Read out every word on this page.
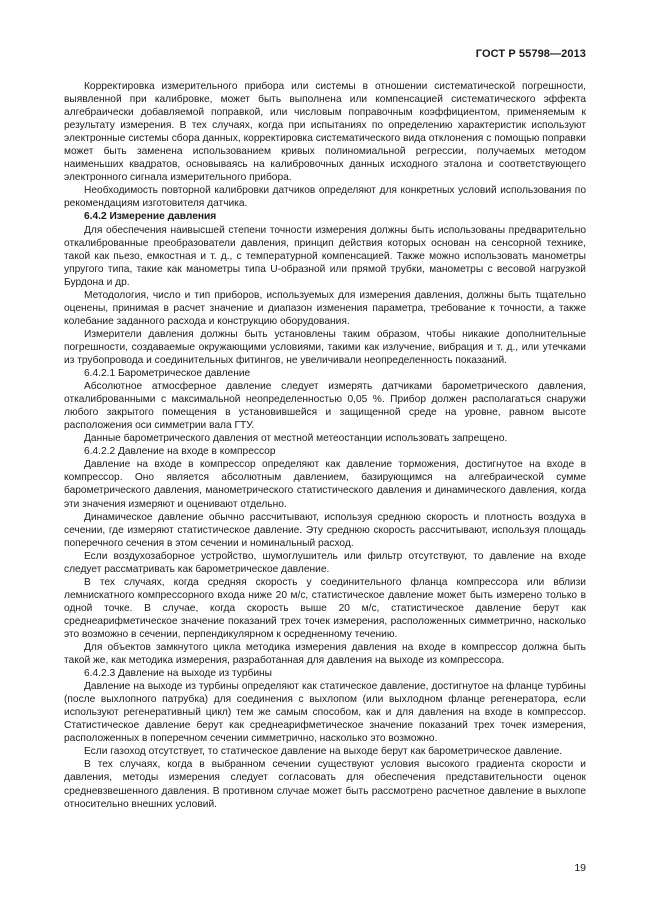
ГОСТ Р 55798—2013

Корректировка измерительного прибора или системы в отношении систематической погрешности, выявленной при калибровке, может быть выполнена или компенсацией систематического эффекта алгебраически добавляемой поправкой, или числовым поправочным коэффициентом, применяемым к результату измерения. В тех случаях, когда при испытаниях по определению характеристик используют электронные системы сбора данных, корректировка систематического вида отклонения с помощью поправки может быть заменена использованием кривых полиномиальной регрессии, получаемых методом наименьших квадратов, основываясь на калибровочных данных исходного эталона и соответствующего электронного сигнала измерительного прибора.

Необходимость повторной калибровки датчиков определяют для конкретных условий использования по рекомендациям изготовителя датчика.

6.4.2 Измерение давления

Для обеспечения наивысшей степени точности измерения должны быть использованы предварительно откалиброванные преобразователи давления, принцип действия которых основан на сенсорной технике, такой как пьезо, емкостная и т. д., с температурной компенсацией. Также можно использовать манометры упругого типа, такие как манометры типа U-образной или прямой трубки, манометры с весовой нагрузкой Бурдона и др.

Методология, число и тип приборов, используемых для измерения давления, должны быть тщательно оценены, принимая в расчет значение и диапазон изменения параметра, требование к точности, а также колебание заданного расхода и конструкцию оборудования.

Измерители давления должны быть установлены таким образом, чтобы никакие дополнительные погрешности, создаваемые окружающими условиями, такими как излучение, вибрация и т. д., или утечками из трубопровода и соединительных фитингов, не увеличивали неопределенность показаний.

6.4.2.1 Барометрическое давление

Абсолютное атмосферное давление следует измерять датчиками барометрического давления, откалиброванными с максимальной неопределенностью 0,05 %. Прибор должен располагаться снаружи любого закрытого помещения в установившейся и защищенной среде на уровне, равном высоте расположения оси симметрии вала ГТУ.

Данные барометрического давления от местной метеостанции использовать запрещено.

6.4.2.2 Давление на входе в компрессор

Давление на входе в компрессор определяют как давление торможения, достигнутое на входе в компрессор. Оно является абсолютным давлением, базирующимся на алгебраической сумме барометрического давления, манометрического статистического давления и динамического давления, когда эти значения измеряют и оценивают отдельно.

Динамическое давление обычно рассчитывают, используя среднюю скорость и плотность воздуха в сечении, где измеряют статистическое давление. Эту среднюю скорость рассчитывают, используя площадь поперечного сечения в этом сечении и номинальный расход.

Если воздухозаборное устройство, шумоглушитель или фильтр отсутствуют, то давление на входе следует рассматривать как барометрическое давление.

В тех случаях, когда средняя скорость у соединительного фланца компрессора или вблизи лемнискатного компрессорного входа ниже 20 м/с, статистическое давление может быть измерено только в одной точке. В случае, когда скорость выше 20 м/с, статистическое давление берут как среднеарифметическое значение показаний трех точек измерения, расположенных симметрично, насколько это возможно в сечении, перпендикулярном к осредненному течению.

Для объектов замкнутого цикла методика измерения давления на входе в компрессор должна быть такой же, как методика измерения, разработанная для давления на выходе из компрессора.

6.4.2.3 Давление на выходе из турбины

Давление на выходе из турбины определяют как статическое давление, достигнутое на фланце турбины (после выхлопного патрубка) для соединения с выхлопом (или выхлодном фланце регенератора, если используют регенеративный цикл) тем же самым способом, как и для давления на входе в компрессор. Статистическое давление берут как среднеарифметическое значение показаний трех точек измерения, расположенных в поперечном сечении симметрично, насколько это возможно.

Если газоход отсутствует, то статическое давление на выходе берут как барометрическое давление.

В тех случаях, когда в выбранном сечении существуют условия высокого градиента скорости и давления, методы измерения следует согласовать для обеспечения представительности оценок средневзвешенного давления. В противном случае может быть рассмотрено расчетное давление в выхлопе относительно внешних условий.

19
